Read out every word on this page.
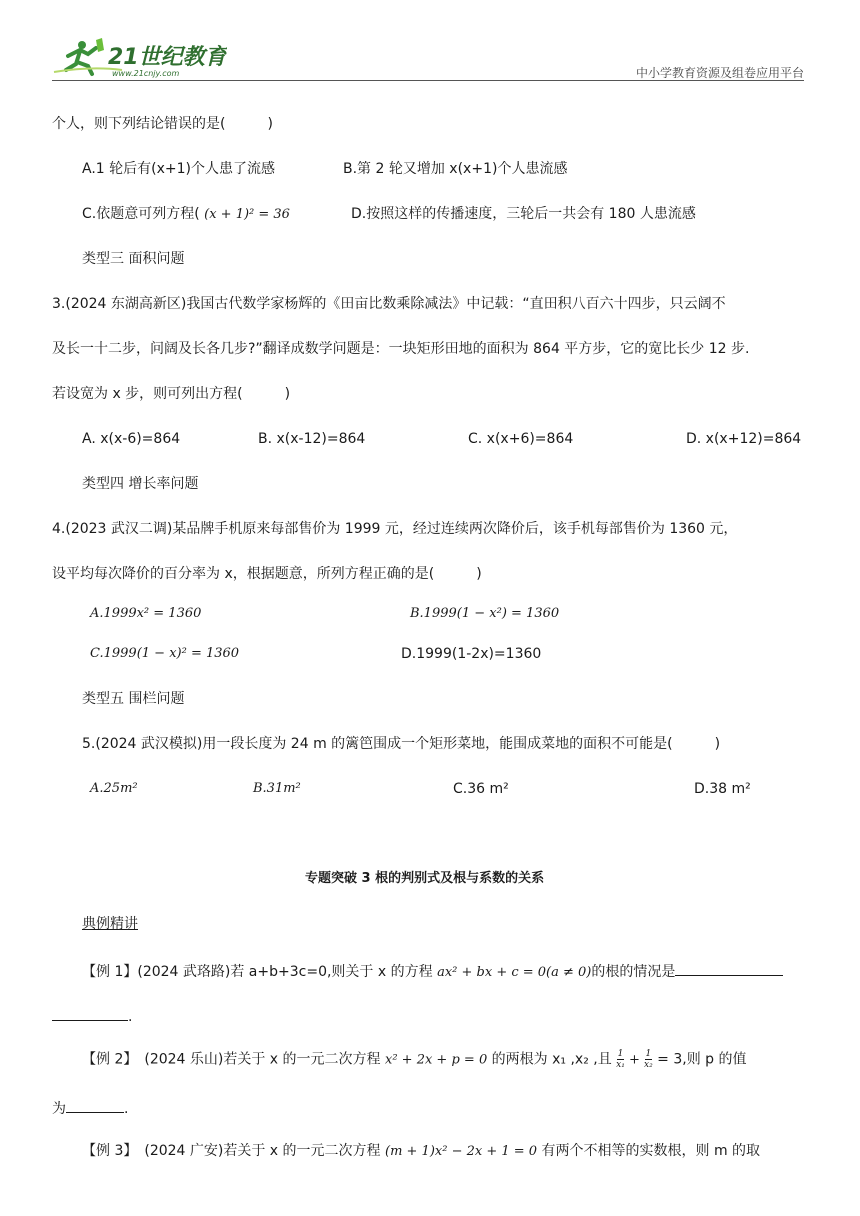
21世纪教育
www.21cnjy.com	中小学教育资源及组卷应用平台
个人，则下列结论错误的是(　　　)
A.1 轮后有(x+1)个人患了流感	B.第 2 轮又增加 x(x+1)个人患流感
C.依题意可列方程( (x + 1)² = 36	D.按照这样的传播速度，三轮后一共会有 180 人患流感
类型三 面积问题
3.(2024 东湖高新区)我国古代数学家杨辉的《田亩比数乘除减法》中记载：“直田积八百六十四步，只云阔不
及长一十二步，问阔及长各几步?”翻译成数学问题是：一块矩形田地的面积为 864 平方步，它的宽比长少 12 步.
若设宽为 x 步，则可列出方程(　　　)
A. x(x-6)=864	B. x(x-12)=864	C. x(x+6)=864	D. x(x+12)=864
类型四 增长率问题
4.(2023 武汉二调)某品牌手机原来每部售价为 1999 元，经过连续两次降价后，该手机每部售价为 1360 元，
设平均每次降价的百分率为 x，根据题意，所列方程正确的是(　　　)
A.1999x² = 1360	B.1999(1 − x²) = 1360
C.1999(1 − x)² = 1360	D.1999(1-2x)=1360
类型五 围栏问题
5.(2024 武汉模拟)用一段长度为 24 m 的篱笆围成一个矩形菜地，能围成菜地的面积不可能是(　　　)
A.25m²	B.31m²	C.36 m²	D.38 m²
专题突破 3 根的判别式及根与系数的关系
典例精讲
【例 1】(2024 武珞路)若 a+b+3c=0,则关于 x 的方程 ax² + bx + c = 0(a ≠ 0)的根的情况是
.
【例 2】　(2024 乐山)若关于 x 的一元二次方程 x² + 2x + p = 0 的两根为 x₁ ,x₂ ,且 $\frac{1}{\text{x₁}} + \frac{1}{\text{x₂}} = 3$,则 p 的值
为	.
【例 3】　(2024 广安)若关于 x 的一元二次方程 (m + 1)x² − 2x + 1 = 0 有两个不相等的实数根，则 m 的取
